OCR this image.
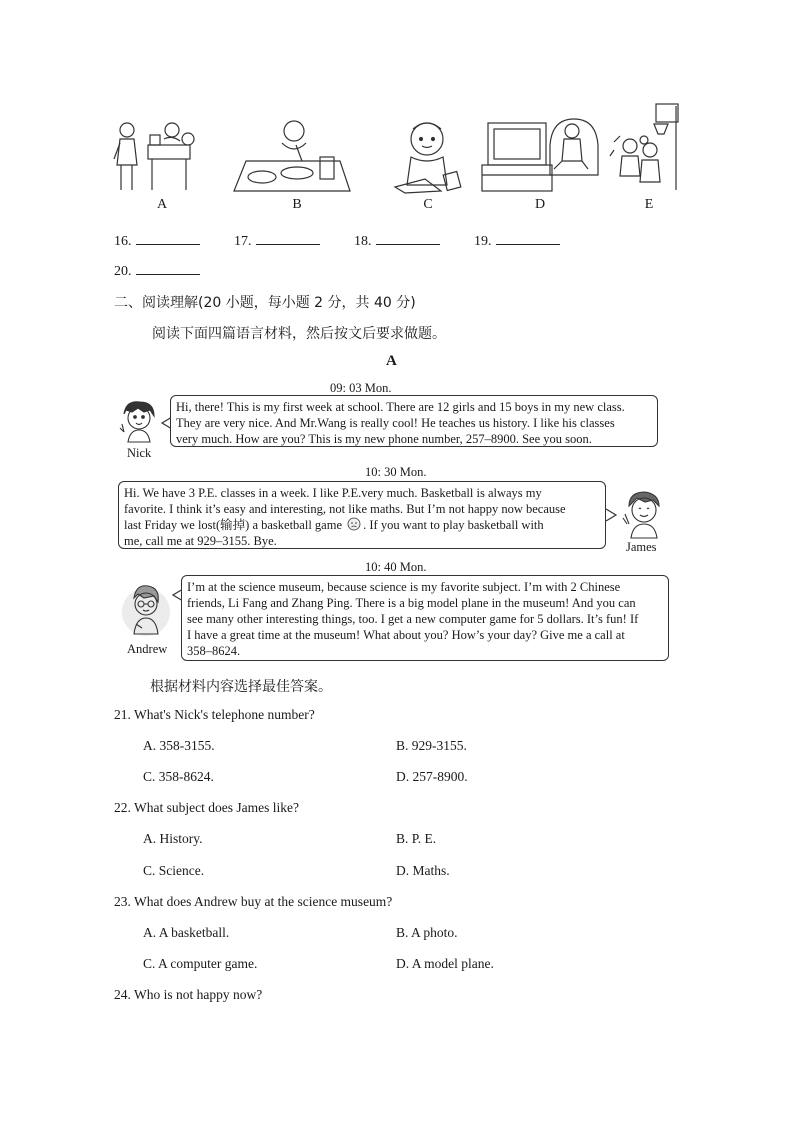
A	B	C	D	E
16.	17.	18.	19.
20.
二、阅读理解(20 小题，每小题 2 分，共 40 分)
阅读下面四篇语言材料，然后按文后要求做题。
A
09: 03 Mon.
Nick

Hi, there! This is my first week at school. There are 12 girls and 15 boys in my new class.

They are very nice. And Mr.Wang is really cool! He teaches us history. I like his classes

very much. How are you? This is my new phone number, 257–8900. See you soon.

10: 30 Mon.

Hi. We have 3 P.E. classes in a week. I like P.E.very much. Basketball is always my

favorite. I think it’s easy and interesting, not like maths. But I’m not happy now because

last Friday we lost(输掉) a basketball game . If you want to play basketball with

me, call me at 929–3155. Bye.	James
10: 40 Mon.
Andrew

I’m at the science museum, because science is my favorite subject. I’m with 2 Chinese

friends, Li Fang and Zhang Ping. There is a big model plane in the museum! And you can

see many other interesting things, too. I get a new computer game for 5 dollars. It’s fun! If

I have a great time at the museum! What about you? How’s your day? Give me a call at

358–8624.

根据材料内容选择最佳答案。
21. What's Nick's telephone number?
A. 358-3155.	B. 929-3155.
C. 358-8624.	D. 257-8900.
22. What subject does James like?
A. History.	B. P. E.
C. Science.	D. Maths.
23. What does Andrew buy at the science museum?
A. A basketball.	B. A photo.
C. A computer game.	D. A model plane.
24. Who is not happy now?
